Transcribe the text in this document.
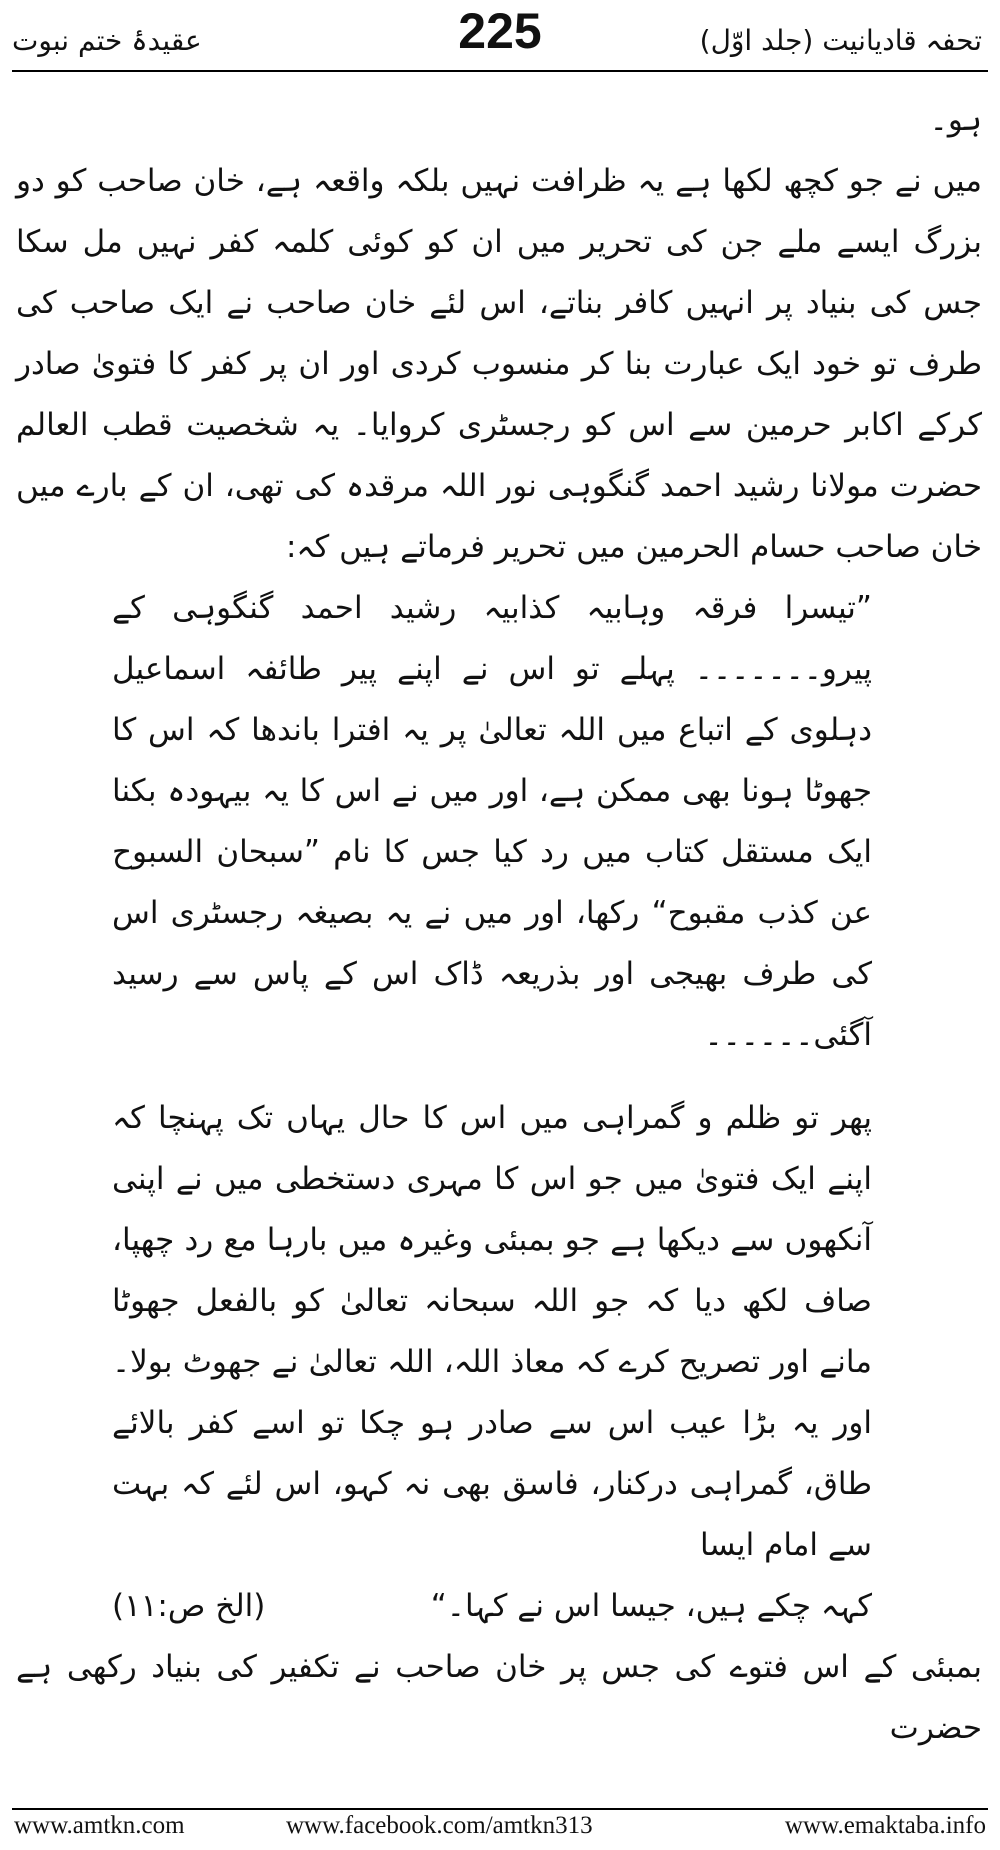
عقیدۂ ختم نبوت	225	تحفہ قادیانیت (جلد اوّل)

ہو۔

میں نے جو کچھ لکھا ہے یہ ظرافت نہیں بلکہ واقعہ ہے، خان صاحب کو دو بزرگ ایسے ملے جن کی تحریر میں ان کو کوئی کلمہ کفر نہیں مل سکا جس کی بنیاد پر انہیں کافر بناتے، اس لئے خان صاحب نے ایک صاحب کی طرف تو خود ایک عبارت بنا کر منسوب کردی اور ان پر کفر کا فتویٰ صادر کرکے اکابر حرمین سے اس کو رجسٹری کروایا۔ یہ شخصیت قطب العالم حضرت مولانا رشید احمد گنگوہی نور اللہ مرقدہ کی تھی، ان کے بارے میں خان صاحب حسام الحرمین میں تحریر فرماتے ہیں کہ:

”تیسرا فرقہ وہابیہ کذابیہ رشید احمد گنگوہی کے پیرو۔۔۔۔۔۔۔ پہلے تو اس نے اپنے پیر طائفہ اسماعیل دہلوی کے اتباع میں اللہ تعالیٰ پر یہ افترا باندھا کہ اس کا جھوٹا ہونا بھی ممکن ہے، اور میں نے اس کا یہ بیہودہ بکنا ایک مستقل کتاب میں رد کیا جس کا نام ”سبحان السبوح عن کذب مقبوح“ رکھا، اور میں نے یہ بصیغہ رجسٹری اس کی طرف بھیجی اور بذریعہ ڈاک اس کے پاس سے رسید آگئی۔۔۔۔۔۔

پھر تو ظلم و گمراہی میں اس کا حال یہاں تک پہنچا کہ اپنے ایک فتویٰ میں جو اس کا مہری دستخطی میں نے اپنی آنکھوں سے دیکھا ہے جو بمبئی وغیرہ میں بارہا مع رد چھپا، صاف لکھ دیا کہ جو اللہ سبحانہ تعالیٰ کو بالفعل جھوٹا مانے اور تصریح کرے کہ معاذ اللہ، اللہ تعالیٰ نے جھوٹ بولا۔ اور یہ بڑا عیب اس سے صادر ہو چکا تو اسے کفر بالائے طاق، گمراہی درکنار، فاسق بھی نہ کہو، اس لئے کہ بہت سے امام ایسا

کہہ چکے ہیں، جیسا اس نے کہا۔“
(الخ ص:۱۱)

بمبئی کے اس فتوے کی جس پر خان صاحب نے تکفیر کی بنیاد رکھی ہے حضرت

www.amtkn.com	www.facebook.com/amtkn313	www.emaktaba.info
